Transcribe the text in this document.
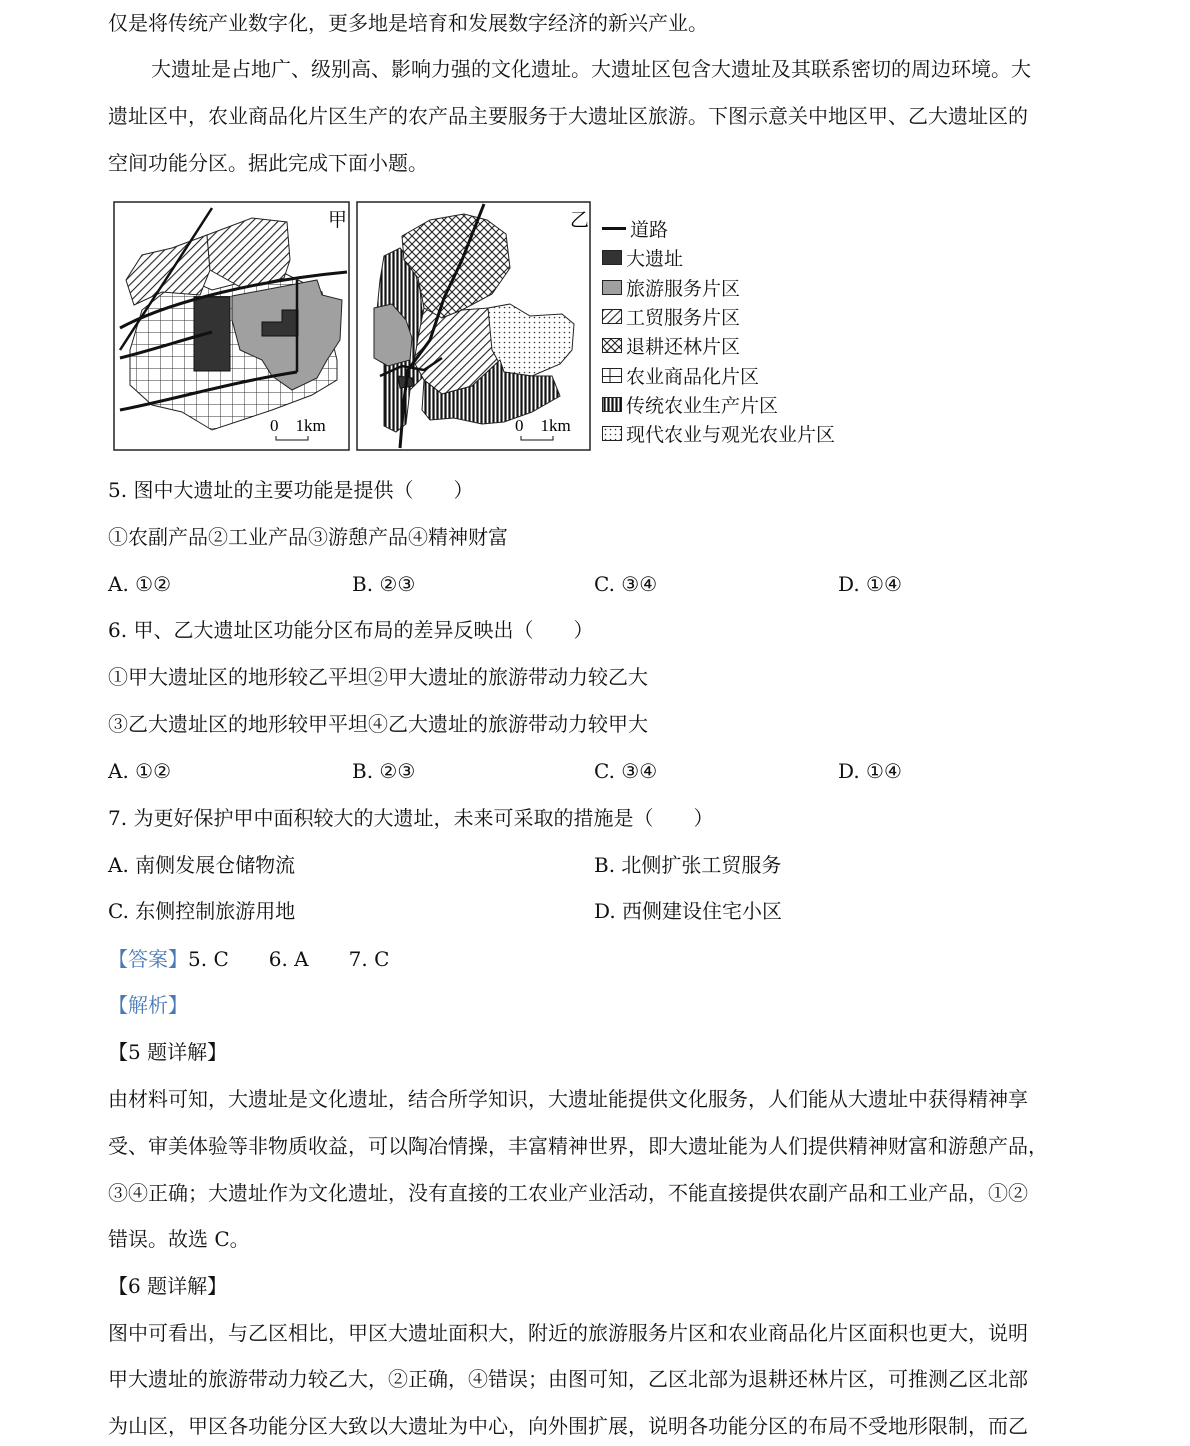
仅是将传统产业数字化，更多地是培育和发展数字经济的新兴产业。
大遗址是占地广、级别高、影响力强的文化遗址。大遗址区包含大遗址及其联系密切的周边环境。大
遗址区中，农业商品化片区生产的农产品主要服务于大遗址区旅游。下图示意关中地区甲、乙大遗址区的
空间功能分区。据此完成下面小题。
甲
0    1km
乙
0    1km
道路
大遗址
旅游服务片区
工贸服务片区
退耕还林片区
农业商品化片区
传统农业生产片区
现代农业与观光农业片区
5. 图中大遗址的主要功能是提供（　　）
①农副产品②工业产品③游憩产品④精神财富
A. ①②	B. ②③	C. ③④	D. ①④
6. 甲、乙大遗址区功能分区布局的差异反映出（　　）
①甲大遗址区的地形较乙平坦②甲大遗址的旅游带动力较乙大
③乙大遗址区的地形较甲平坦④乙大遗址的旅游带动力较甲大
A. ①②	B. ②③	C. ③④	D. ①④
7. 为更好保护甲中面积较大的大遗址，未来可采取的措施是（　　）
A. 南侧发展仓储物流	B. 北侧扩张工贸服务
C. 东侧控制旅游用地	D. 西侧建设住宅小区
【答案】5. C　　6. A　　7. C
【解析】
【5 题详解】
由材料可知，大遗址是文化遗址，结合所学知识，大遗址能提供文化服务，人们能从大遗址中获得精神享
受、审美体验等非物质收益，可以陶冶情操，丰富精神世界，即大遗址能为人们提供精神财富和游憩产品，
③④正确；大遗址作为文化遗址，没有直接的工农业产业活动，不能直接提供农副产品和工业产品，①②
错误。故选 C。
【6 题详解】
图中可看出，与乙区相比，甲区大遗址面积大，附近的旅游服务片区和农业商品化片区面积也更大，说明
甲大遗址的旅游带动力较乙大，②正确，④错误；由图可知，乙区北部为退耕还林片区，可推测乙区北部
为山区，甲区各功能分区大致以大遗址为中心，向外围扩展，说明各功能分区的布局不受地形限制，而乙
